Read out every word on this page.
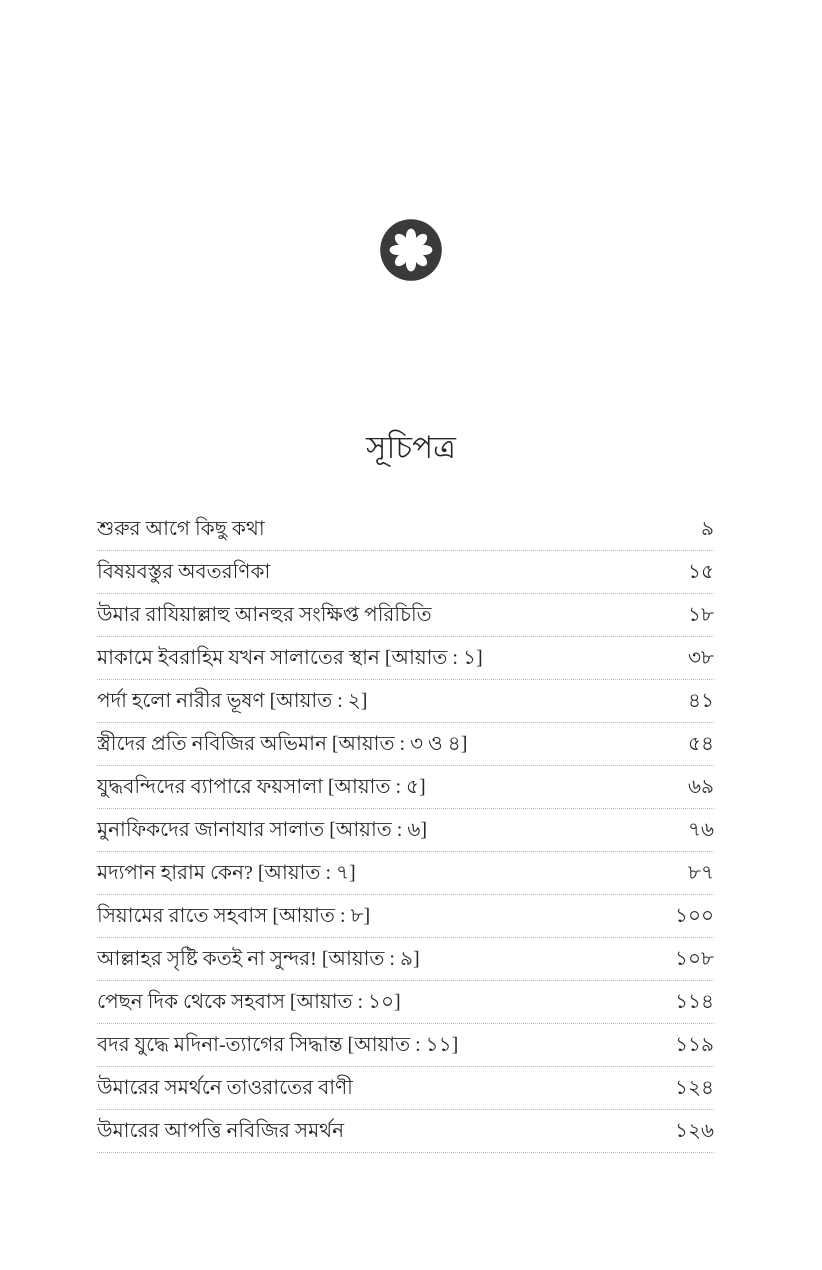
সূচিপত্র
শুরুর আগে কিছু কথা	৯
বিষয়বস্তুর অবতরণিকা	১৫
উমার রাযিয়াল্লাহু আনহুর সংক্ষিপ্ত পরিচিতি	১৮
মাকামে ইবরাহিম যখন সালাতের স্থান [আয়াত : ১]	৩৮
পর্দা হলো নারীর ভূষণ [আয়াত : ২]	৪১
স্ত্রীদের প্রতি নবিজির অভিমান [আয়াত : ৩ ও ৪]	৫৪
যুদ্ধবন্দিদের ব্যাপারে ফয়সালা [আয়াত : ৫]	৬৯
মুনাফিকদের জানাযার সালাত [আয়াত : ৬]	৭৬
মদ্যপান হারাম কেন? [আয়াত : ৭]	৮৭
সিয়ামের রাতে সহবাস [আয়াত : ৮]	১০০
আল্লাহর সৃষ্টি কতই না সুন্দর! [আয়াত : ৯]	১০৮
পেছন দিক থেকে সহবাস [আয়াত : ১০]	১১৪
বদর যুদ্ধে মদিনা-ত্যাগের সিদ্ধান্ত [আয়াত : ১১]	১১৯
উমারের সমর্থনে তাওরাতের বাণী	১২৪
উমারের আপত্তি নবিজির সমর্থন	১২৬
